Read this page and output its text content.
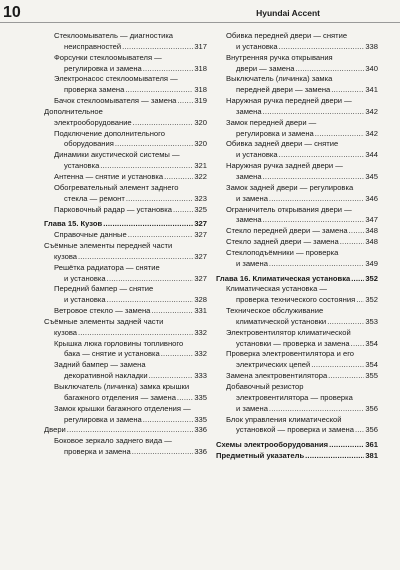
10	Hyundai Accent
Стеклоомыватель — диагностика
неисправностей .....	317
Форсунки стеклоомывателя —
регулировка и замена .....	318
Электронасос стеклоомывателя —
проверка замена .....	318
Бачок стеклоомывателя — замена ..... 319
Дополнительное
электрооборудование .....	320
Подключение дополнительного
оборудования .....	320
Динамики акустической системы —
установка .....	321
Антенна — снятие и установка .....	322
Обогревательный элемент заднего
стекла — ремонт .....	323
Парковочный радар — установка .....	325
Глава 15. Кузов .....	327
Справочные данные .....	327
Съёмные элементы передней части
кузова .....	327
Решётка радиатора — снятие
и установка .....	327
Передний бампер — снятие
и установка .....	328
Ветровое стекло — замена .....	331
Съёмные элементы задней части
кузова .....	332
Крышка люка горловины топливного
бака — снятие и установка .....	332
Задний бампер — замена
декоративной накладки .....	333
Выключатель (личинка) замка крышки
багажного отделения — замена ..... 335
Замок крышки багажного отделения —
регулировка и замена .....	335
Двери .....	336
Боковое зеркало заднего вида —
проверка и замена .....	336
Обивка передней двери — снятие
и установка .....	338
Внутренняя ручка открывания
двери — замена .....	340
Выключатель (личинка) замка
передней двери — замена .....	341
Наружная ручка передней двери —
замена .....	342
Замок передней двери —
регулировка и замена .....	342
Обивка задней двери — снятие
и установка .....	344
Наружная ручка задней двери —
замена .....	345
Замок задней двери — регулировка
и замена .....	346
Ограничитель открывания двери —
замена .....	347
Стекло передней двери — замена ..... 348
Стекло задней двери — замена .....	348
Стеклоподъёмники — проверка
и замена .....	349
Глава 16. Климатическая установка ..... 352
Климатическая установка —
проверка технического состояния ..... 352
Техническое обслуживание
климатической установки .....	353
Электровентилятор климатической
установки — проверка и замена ..... 354
Проверка электровентилятора и его
электрических цепей .....	354
Замена электровентилятора .....	355
Добавочный резистор
электровентилятора — проверка
и замена .....	356
Блок управления климатической
установкой — проверка и замена ..... 356
Схемы электрооборудования .....	361
Предметный указатель .....	381
